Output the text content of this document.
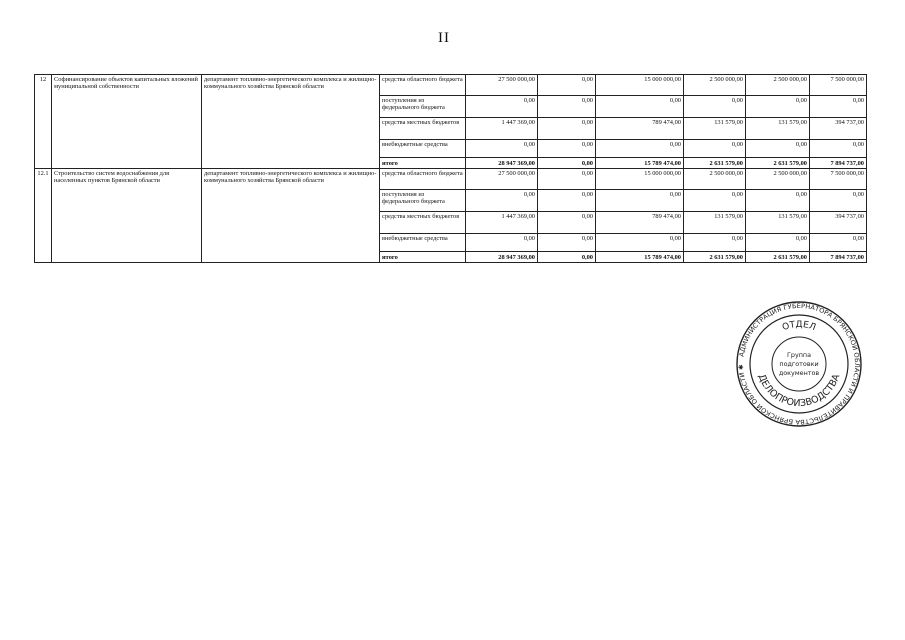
II
12	Софинансирование объектов капитальных вложений муниципальной собственности	департамент топливно-энергетического комплекса и жилищно-коммунального хозяйства Брянской области	средства областного бюджета	27 500 000,00	0,00	15 000 000,00	2 500 000,00	2 500 000,00	7 500 000,00
			поступления из федерального бюджета	0,00	0,00	0,00	0,00	0,00	0,00
			средства местных бюджетов	1 447 369,00	0,00	789 474,00	131 579,00	131 579,00	394 737,00
			внебюджетные средства	0,00	0,00	0,00	0,00	0,00	0,00
			итого	28 947 369,00	0,00	15 789 474,00	2 631 579,00	2 631 579,00	7 894 737,00
12.1	Строительство систем водоснабжения для населенных пунктов Брянской области	департамент топливно-энергетического комплекса и жилищно-коммунального хозяйства Брянской области	средства областного бюджета	27 500 000,00	0,00	15 000 000,00	2 500 000,00	2 500 000,00	7 500 000,00
			поступления из федерального бюджета	0,00	0,00	0,00	0,00	0,00	0,00
			средства местных бюджетов	1 447 369,00	0,00	789 474,00	131 579,00	131 579,00	394 737,00
			внебюджетные средства	0,00	0,00	0,00	0,00	0,00	0,00
			итого	28 947 369,00	0,00	15 789 474,00	2 631 579,00	2 631 579,00	7 894 737,00
АДМИНИСТРАЦИЯ ГУБЕРНАТОРА БРЯНСКОЙ ОБЛАСТИ И ПРАВИТЕЛЬСТВА БРЯНСКОЙ ОБЛАСТИ ✱
ОТДЕЛ
ДЕЛОПРОИЗВОДСТВА
Группа
подготовки
документов
